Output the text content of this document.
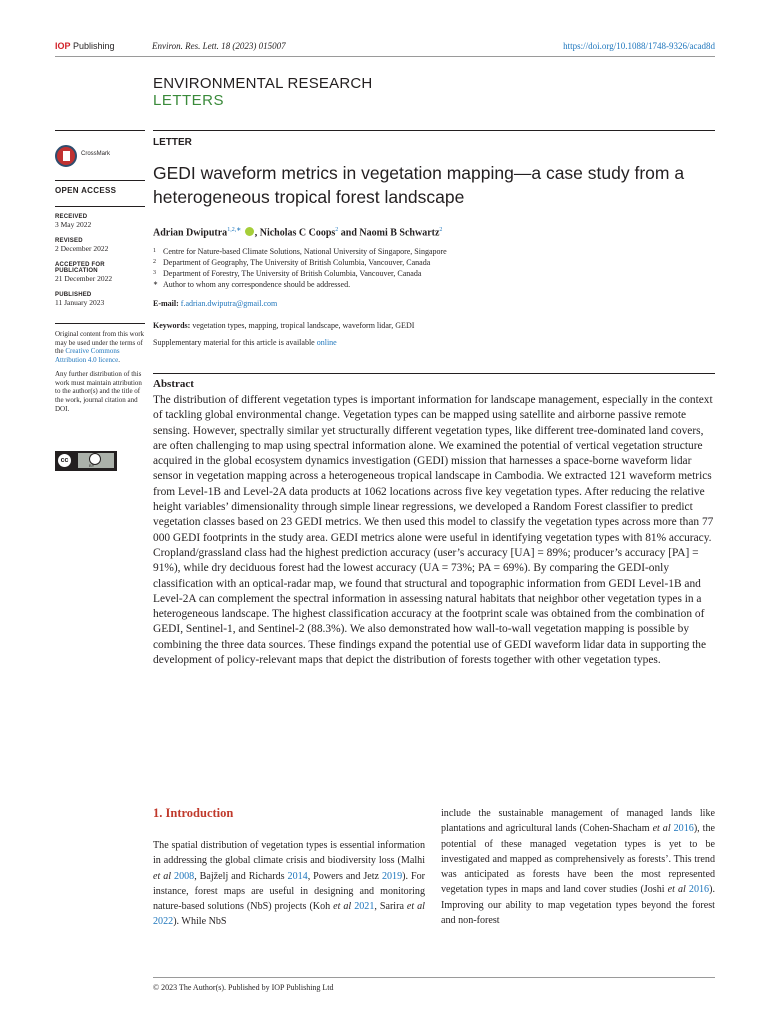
IOP Publishing	Environ. Res. Lett. 18 (2023) 015007	https://doi.org/10.1088/1748-9326/acad8d
ENVIRONMENTAL RESEARCH
LETTERS
LETTER
CrossMark
OPEN ACCESS
RECEIVED
3 May 2022
REVISED
2 December 2022
ACCEPTED FOR PUBLICATION
21 December 2022
PUBLISHED
11 January 2023
Original content from this work may be used under the terms of the Creative Commons Attribution 4.0 licence.
Any further distribution of this work must maintain attribution to the author(s) and the title of the work, journal citation and DOI.
cc
BY
GEDI waveform metrics in vegetation mapping—a case study from a heterogeneous tropical forest landscape
Adrian Dwiputra$^{1,2,∗}$ , Nicholas C Coops$^2$ and Naomi B Schwartz$^2$
1 Centre for Nature-based Climate Solutions, National University of Singapore, Singapore
2 Department of Geography, The University of British Columbia, Vancouver, Canada
3 Department of Forestry, The University of British Columbia, Vancouver, Canada
∗ Author to whom any correspondence should be addressed.
E-mail: f.adrian.dwiputra@gmail.com
Keywords: vegetation types, mapping, tropical landscape, waveform lidar, GEDI
Supplementary material for this article is available online
Abstract
The distribution of different vegetation types is important information for landscape management, especially in the context of tackling global environmental change. Vegetation types can be mapped using satellite and airborne passive remote sensing. However, spectrally similar yet structurally different vegetation types, like different tree-dominated land covers, are often challenging to map using spectral information alone. We examined the potential of vertical vegetation structure acquired in the global ecosystem dynamics investigation (GEDI) mission that harnesses a space-borne waveform lidar sensor in vegetation mapping across a heterogeneous tropical landscape in Cambodia. We extracted 121 waveform metrics from Level-1B and Level-2A data products at 1062 locations across five key vegetation types. After reducing the relative height variables’ dimensionality through simple linear regressions, we developed a Random Forest classifier to predict vegetation classes based on 23 GEDI metrics. We then used this model to classify the vegetation types across more than 77 000 GEDI footprints in the study area. GEDI metrics alone were useful in identifying vegetation types with 81% accuracy. Cropland/grassland class had the highest prediction accuracy (user’s accuracy [UA] = 89%; producer’s accuracy [PA] = 91%), while dry deciduous forest had the lowest accuracy (UA = 73%; PA = 69%). By comparing the GEDI-only classification with an optical-radar map, we found that structural and topographic information from GEDI Level-1B and Level-2A can complement the spectral information in assessing natural habitats that neighbor other vegetation types in a heterogeneous landscape. The highest classification accuracy at the footprint scale was obtained from the combination of GEDI, Sentinel-1, and Sentinel-2 (88.3%). We also demonstrated how wall-to-wall vegetation mapping is possible by combining the three data sources. These findings expand the potential use of GEDI waveform lidar data in supporting the development of policy-relevant maps that depict the distribution of forests together with other vegetation types.
1. Introduction
The spatial distribution of vegetation types is essential information in addressing the global climate crisis and biodiversity loss (Malhi et al 2008, Bajželj and Richards 2014, Powers and Jetz 2019). For instance, forest maps are useful in designing and monitoring nature-based solutions (NbS) projects (Koh et al 2021, Sarira et al 2022). While NbS
include the sustainable management of managed lands like plantations and agricultural lands (Cohen-Shacham et al 2016), the potential of these managed vegetation types is yet to be investigated and mapped as comprehensively as forests’. This trend was anticipated as forests have been the most represented vegetation types in maps and land cover studies (Joshi et al 2016). Improving our ability to map vegetation types beyond the forest and non-forest
© 2023 The Author(s). Published by IOP Publishing Ltd
